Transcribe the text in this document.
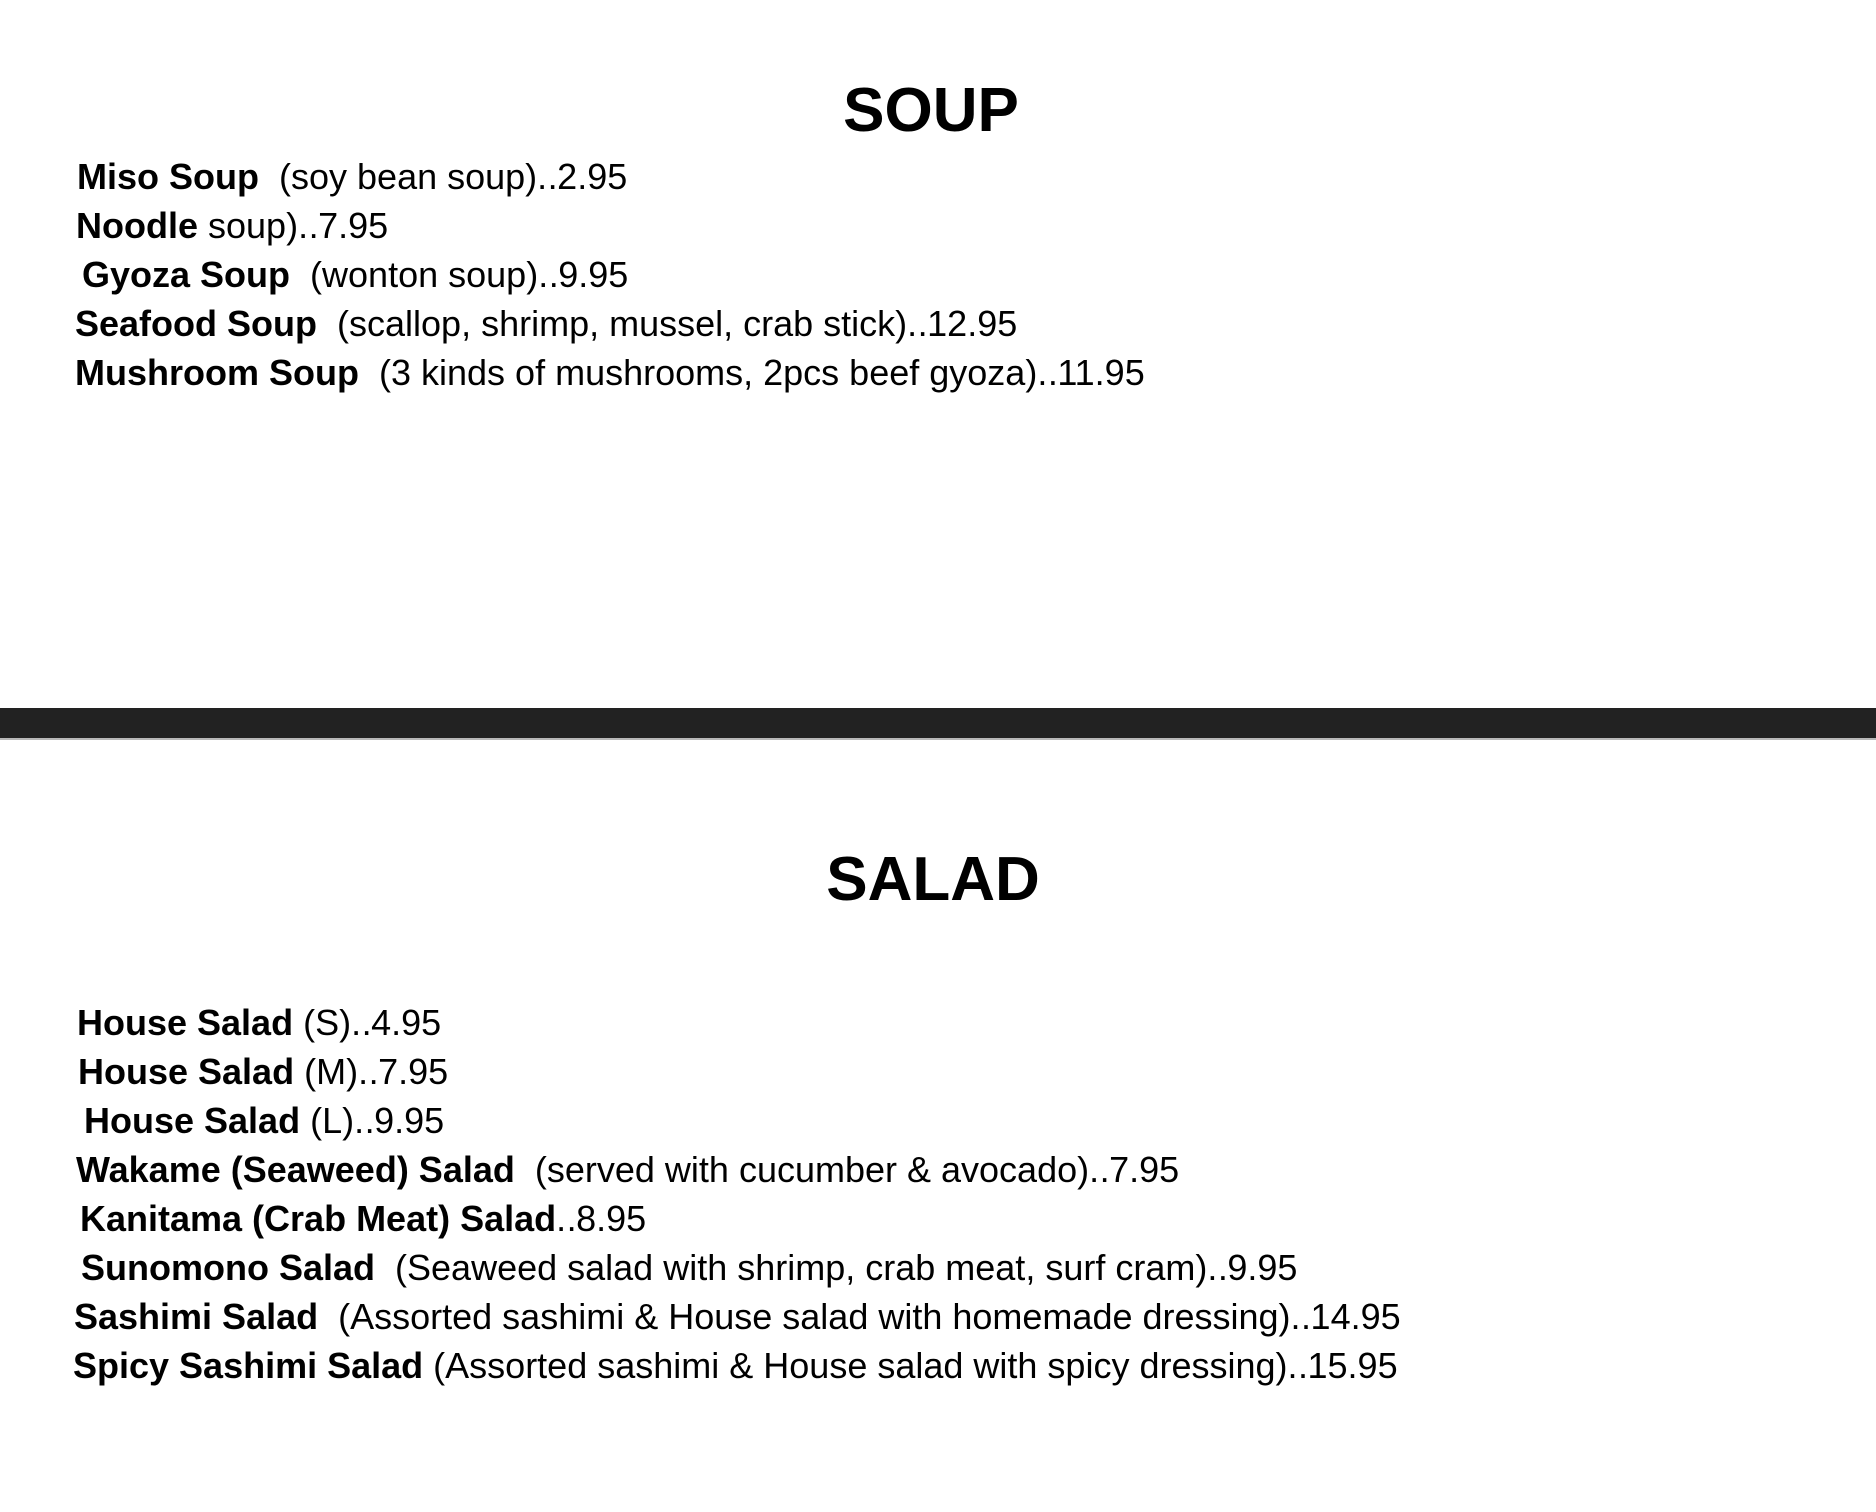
SOUP
Miso Soup
(soy bean soup) ..... 2.95
Noodle
soup) ..... 7.95
Gyoza Soup
(wonton soup) ..... 9.95
Seafood Soup
(scallop, shrimp, mussel, crab stick) ..... 12.95
Mushroom Soup
(3 kinds of mushrooms, 2pcs beef gyoza) ..... 11.95
SALAD
House Salad
(S) ..... 4.95
House Salad
(M) ..... 7.95
House Salad
(L) ..... 9.95
Wakame (Seaweed) Salad
(served with cucumber & avocado) ..... 7.95
Kanitama (Crab Meat) Salad ..... 8.95
Sunomono Salad
(Seaweed salad with shrimp, crab meat, surf cram) ..... 9.95
Sashimi Salad
(Assorted sashimi & House salad with homemade dressing) ..... 14.95
Spicy Sashimi Salad
(Assorted sashimi & House salad with spicy dressing) ..... 15.95
